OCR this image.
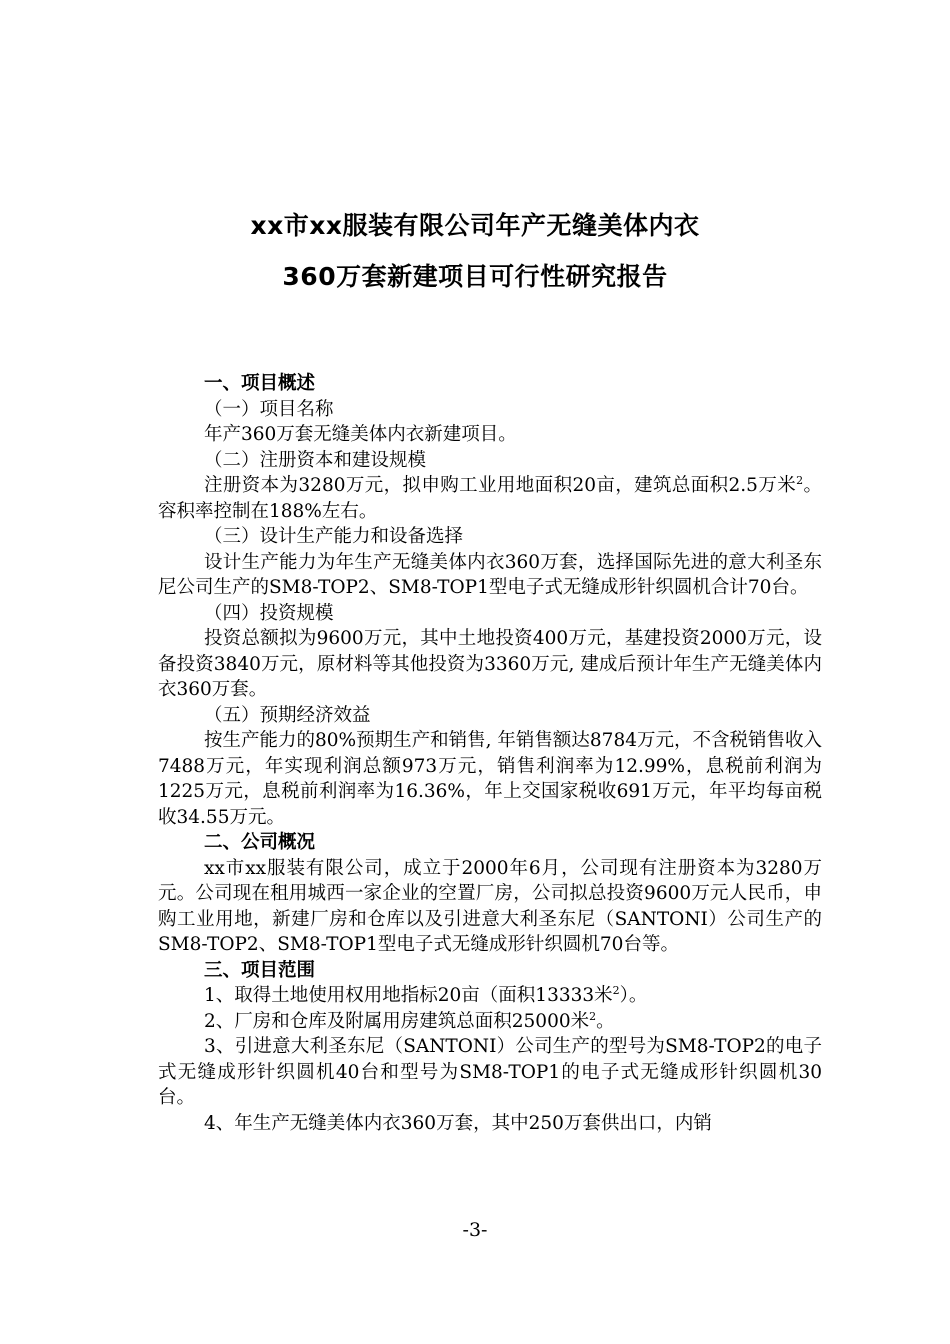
xx市xx服装有限公司年产无缝美体内衣
360万套新建项目可行性研究报告

一、项目概述

（一）项目名称

年产360万套无缝美体内衣新建项目。

（二）注册资本和建设规模

注册资本为3280万元，拟申购工业用地面积20亩，建筑总面积2.5万米$^2$。容积率控制在188%左右。

（三）设计生产能力和设备选择

设计生产能力为年生产无缝美体内衣360万套，选择国际先进的意大利圣东尼公司生产的SM8-TOP2、SM8-TOP1型电子式无缝成形针织圆机合计70台。

（四）投资规模

投资总额拟为9600万元，其中土地投资400万元，基建投资2000万元，设备投资3840万元，原材料等其他投资为3360万元, 建成后预计年生产无缝美体内衣360万套。

（五）预期经济效益

按生产能力的80%预期生产和销售, 年销售额达8784万元，不含税销售收入7488万元，年实现利润总额973万元，销售利润率为12.99%，息税前利润为1225万元，息税前利润率为16.36%，年上交国家税收691万元，年平均每亩税收34.55万元。

二、公司概况

xx市xx服装有限公司，成立于2000年6月，公司现有注册资本为3280万元。公司现在租用城西一家企业的空置厂房，公司拟总投资9600万元人民币，申购工业用地，新建厂房和仓库以及引进意大利圣东尼（SANTONI）公司生产的SM8-TOP2、SM8-TOP1型电子式无缝成形针织圆机70台等。

三、项目范围

1、取得土地使用权用地指标20亩（面积13333米$^2$）。

2、厂房和仓库及附属用房建筑总面积25000米$^2$。

3、引进意大利圣东尼（SANTONI）公司生产的型号为SM8-TOP2的电子式无缝成形针织圆机40台和型号为SM8-TOP1的电子式无缝成形针织圆机30台。

4、年生产无缝美体内衣360万套，其中250万套供出口，内销

-3-
